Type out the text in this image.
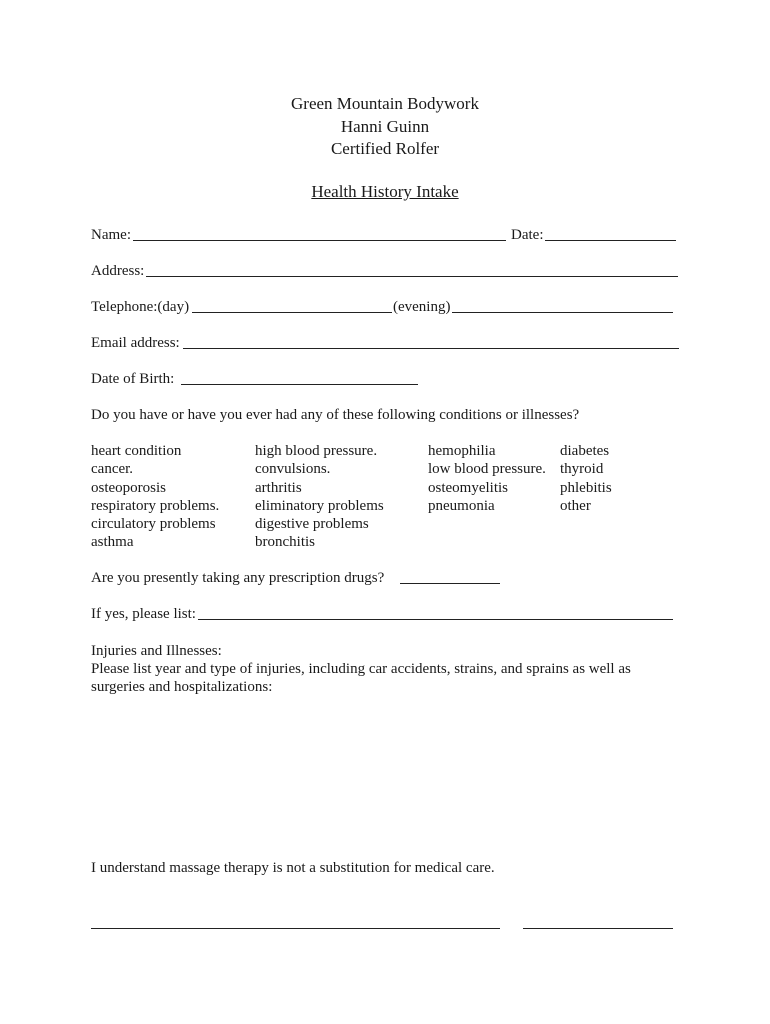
Green Mountain Bodywork
Hanni Guinn
Certified Rolfer
Health History Intake
Name:	Date:
Address:
Telephone:(day)	(evening)
Email address:
Date of Birth:
Do you have or have you ever had any of these following conditions or illnesses?
heart condition
cancer.
osteoporosis
respiratory problems.
circulatory problems
asthma
high blood pressure.
convulsions.
arthritis
eliminatory problems
digestive problems
bronchitis
hemophilia
low blood pressure.
osteomyelitis
pneumonia
diabetes
thyroid
phlebitis
other
Are you presently taking any prescription drugs?
If yes, please list:
Injuries and Illnesses:
Please list year and type of injuries, including car accidents, strains, and sprains as well as
surgeries and hospitalizations:
I understand massage therapy is not a substitution for medical care.
